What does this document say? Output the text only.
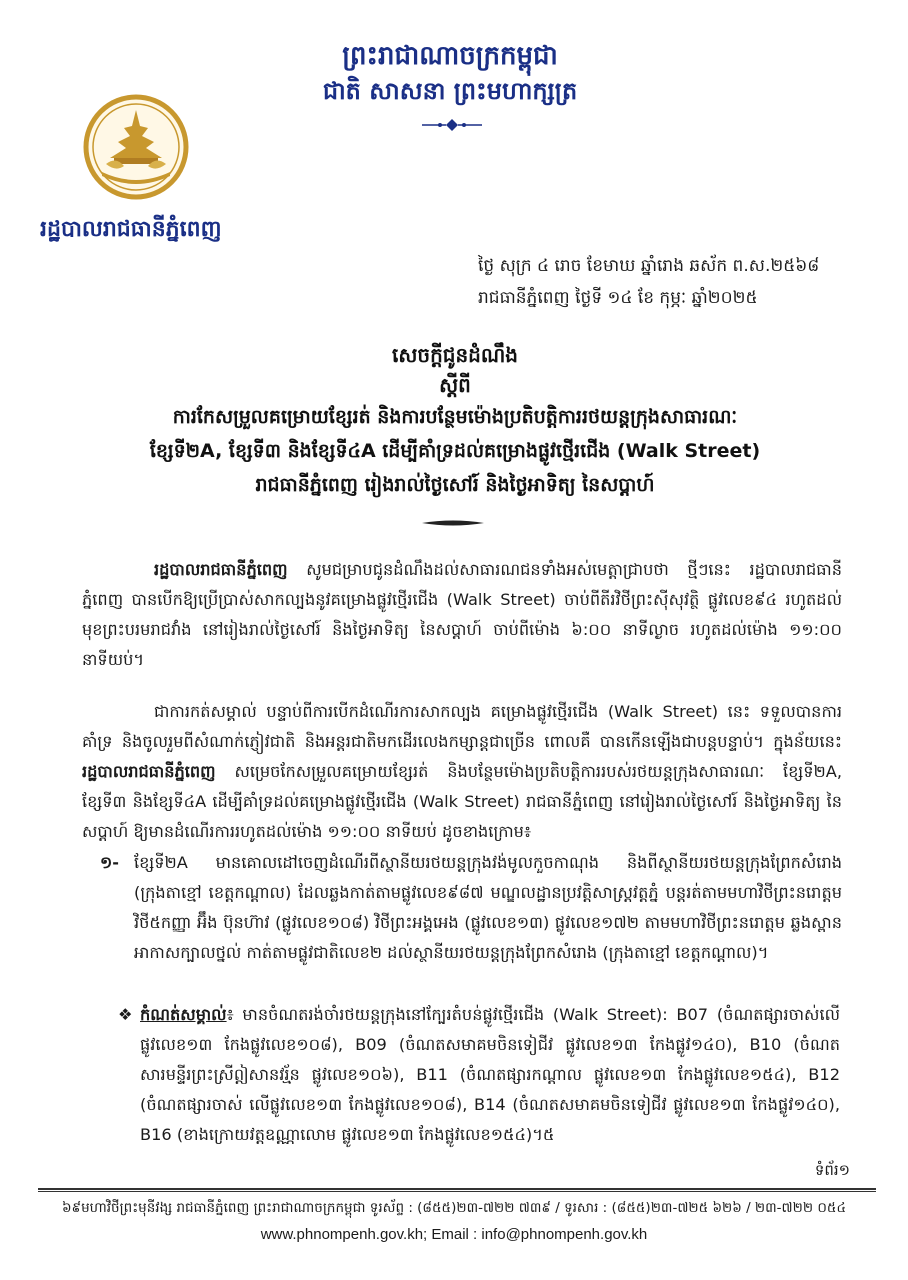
ព្រះរាជាណាចក្រកម្ពុជា
ជាតិ សាសនា ព្រះមហាក្សត្រ
រដ្ឋបាលរាជធានីភ្នំពេញ
ថ្ងៃ សុក្រ ៤ រោច ខែមាឃ ឆ្នាំរោង ឆស័ក ព.ស.២៥៦៨
រាជធានីភ្នំពេញ ថ្ងៃទី ១៤ ខែ កុម្ភៈ ឆ្នាំ២០២៥
សេចក្តីជូនដំណឹង
ស្តីពី
ការកែសម្រួលគម្រោយខ្សែរត់ និងការបន្ថែមម៉ោងប្រតិបត្តិការរថយន្តក្រុងសាធារណៈ
ខ្សែទី២A, ខ្សែទី៣ និងខ្សែទី៤A ដើម្បីគាំទ្រដល់គម្រោងផ្លូវថ្មើរជើង (Walk Street)
រាជធានីភ្នំពេញ រៀងរាល់ថ្ងៃសៅរ៍ និងថ្ងៃអាទិត្យ នៃសប្តាហ៍

រដ្ឋបាលរាជធានីភ្នំពេញ សូមជម្រាបជូនដំណឹងដល់សាធារណជនទាំងអស់មេត្តាជ្រាបថា ថ្មីៗនេះ រដ្ឋបាលរាជធានីភ្នំពេញ បានបើកឱ្យប្រើប្រាស់សាកល្បងនូវគម្រោងផ្លូវថ្មើរជើង (Walk Street) ចាប់ពីតីរវិថីព្រះស៊ីសុវត្ថិ ផ្លូវលេខ៩៤ រហូតដល់មុខព្រះបរមរាជវាំង នៅរៀងរាល់ថ្ងៃសៅរ៍ និងថ្ងៃអាទិត្យ នៃសប្តាហ៍ ចាប់ពីម៉ោង ៦:០០ នាទីល្ងាច រហូតដល់ម៉ោង ១១:០០ នាទីយប់។

ជាការកត់សម្គាល់ បន្ទាប់ពីការបើកដំណើរការសាកល្បង គម្រោងផ្លូវថ្មើរជើង (Walk Street) នេះ ទទួលបានការគាំទ្រ និងចូលរួមពីសំណាក់ភ្ញៀវជាតិ និងអន្តរជាតិមកដើរលេងកម្សាន្តជាច្រើន ពោលគឺ បានកើនឡើងជាបន្តបន្ទាប់។ ក្នុងន័យនេះ រដ្ឋបាលរាជធានីភ្នំពេញ សម្រេចកែសម្រួលគម្រោយខ្សែរត់ និងបន្ថែមម៉ោងប្រតិបត្តិការរបស់រថយន្តក្រុងសាធារណៈ ខ្សែទី២A, ខ្សែទី៣ និងខ្សែទី៤A ដើម្បីគាំទ្រដល់គម្រោងផ្លូវថ្មើរជើង (Walk Street) រាជធានីភ្នំពេញ នៅរៀងរាល់ថ្ងៃសៅរ៍ និងថ្ងៃអាទិត្យ នៃសប្តាហ៍ ឱ្យមានដំណើរការរហូតដល់ម៉ោង ១១:០០ នាទីយប់ ដូចខាងក្រោម៖

១- ខ្សែទី២A មានគោលដៅចេញដំណើរពីស្ថានីយរថយន្តក្រុងវង់មូលកួចកាណុង និងពីស្ថានីយរថយន្តក្រុងព្រែកសំរោង (ក្រុងតាខ្មៅ ខេត្តកណ្តាល) ដែលឆ្លងកាត់តាមផ្លូវលេខ៩៨៧ មណ្ឌលដ្ឋានប្រវត្តិសាស្ត្រវត្តភ្នំ បន្តរត់តាមមហាវិថីព្រះនរោត្តម វិថី៥កញ្ញា អ៊ឹង ប៊ុនហ៊ាវ (ផ្លូវលេខ១០៨) វិថីព្រះអង្គអេង (ផ្លូវលេខ១៣) ផ្លូវលេខ១៧២ តាមមហាវិថីព្រះនរោត្តម ឆ្លងស្ពានអាកាសក្បាលថ្នល់ កាត់តាមផ្លូវជាតិលេខ២ ដល់ស្ថានីយរថយន្តក្រុងព្រែកសំរោង (ក្រុងតាខ្មៅ ខេត្តកណ្តាល)។
❖ កំណត់សម្គាល់៖ មានចំណតរង់ចាំរថយន្តក្រុងនៅក្បែរតំបន់ផ្លូវថ្មើរជើង (Walk Street): B07 (ចំណតផ្សារចាស់លើផ្លូវលេខ១៣ កែងផ្លូវលេខ១០៨), B09 (ចំណតសមាគមចិនទៀជីវ ផ្លូវលេខ១៣ កែងផ្លូវ១៤០), B10 (ចំណតសារមន្ទីរព្រះស្រីឦសានវរ្ម័ន ផ្លូវលេខ១០៦), B11 (ចំណតផ្សារកណ្តាល ផ្លូវលេខ១៣ កែងផ្លូវលេខ១៥៤), B12 (ចំណតផ្សារចាស់ លើផ្លូវលេខ១៣ កែងផ្លូវលេខ១០៨), B14 (ចំណតសមាគមចិនទៀជីវ ផ្លូវលេខ១៣ កែងផ្លូវ១៤០), B16 (ខាងក្រោយវត្តឧណ្ណាលោម ផ្លូវលេខ១៣ កែងផ្លូវលេខ១៥៤)។៥
ទំព័រ១
៦៩មហាវិថីព្រះមុនីវង្ស រាជធានីភ្នំពេញ ព្រះរាជាណាចក្រកម្ពុជា ទូរស័ព្ទ : (៨៥៥)២៣-៧២២ ៧៣៩ / ទូរសារ : (៨៥៥)២៣-៧២៥ ៦២៦ / ២៣-៧២២ ០៥៤
www.phnompenh.gov.kh; Email : info@phnompenh.gov.kh
